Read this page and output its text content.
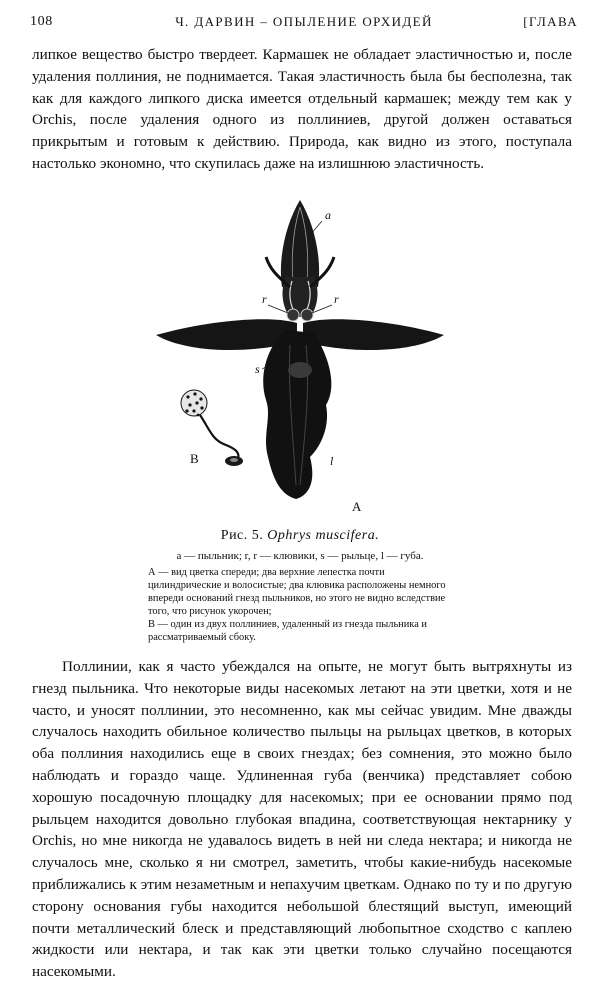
108	Ч. ДАРВИН – ОПЫЛЕНИЕ ОРХИДЕЙ	[ГЛАВА

липкое вещество быстро твердеет. Кармашек не обладает эластичностью и, после удаления поллиния, не поднимается. Такая эластичность была бы бесполезна, так как для каждого липкого диска имеется отдельный кармашек; между тем как у Orchis, после удаления одного из поллиниев, другой должен оставаться прикрытым и готовым к действию. Природа, как видно из этого, поступала настолько экономно, что скупилась даже на излишнюю эластичность.

a
r	r
s
l
A
B
Рис. 5. Ophrys muscifera.
a — пыльник; r, r — клювики, s — рыльце, l — губа.
А — вид цветка спереди; два верхние лепестка почти цилиндрические и волосистые; два клювика расположены немного впереди оснований гнезд пыльников, но этого не видно вследствие того, что рисунок укорочен;
В — один из двух поллиниев, удаленный из гнезда пыльника и рассматриваемый сбоку.

Поллинии, как я часто убеждался на опыте, не могут быть вытряхнуты из гнезд пыльника. Что некоторые виды насекомых летают на эти цветки, хотя и не часто, и уносят поллинии, это несомненно, как мы сейчас увидим. Мне дважды случалось находить обильное количество пыльцы на рыльцах цветков, в которых оба поллиния находились еще в своих гнездах; без сомнения, это можно было наблюдать и гораздо чаще. Удлиненная губа (венчика) представляет собою хорошую посадочную площадку для насекомых; при ее основании прямо под рыльцем находится довольно глубокая впадина, соответствующая нектарнику у Orchis, но мне никогда не удавалось видеть в ней ни следа нектара; и никогда не случалось мне, сколько я ни смотрел, заметить, чтобы какие-нибудь насекомые приближались к этим незаметным и непахучим цветкам. Однако по ту и по другую сторону основания губы находится небольшой блестящий выступ, имеющий почти металлический блеск и представляющий любопытное сходство с каплею жидкости или нектара, и так как эти цветки только случайно посещаются насекомыми.
